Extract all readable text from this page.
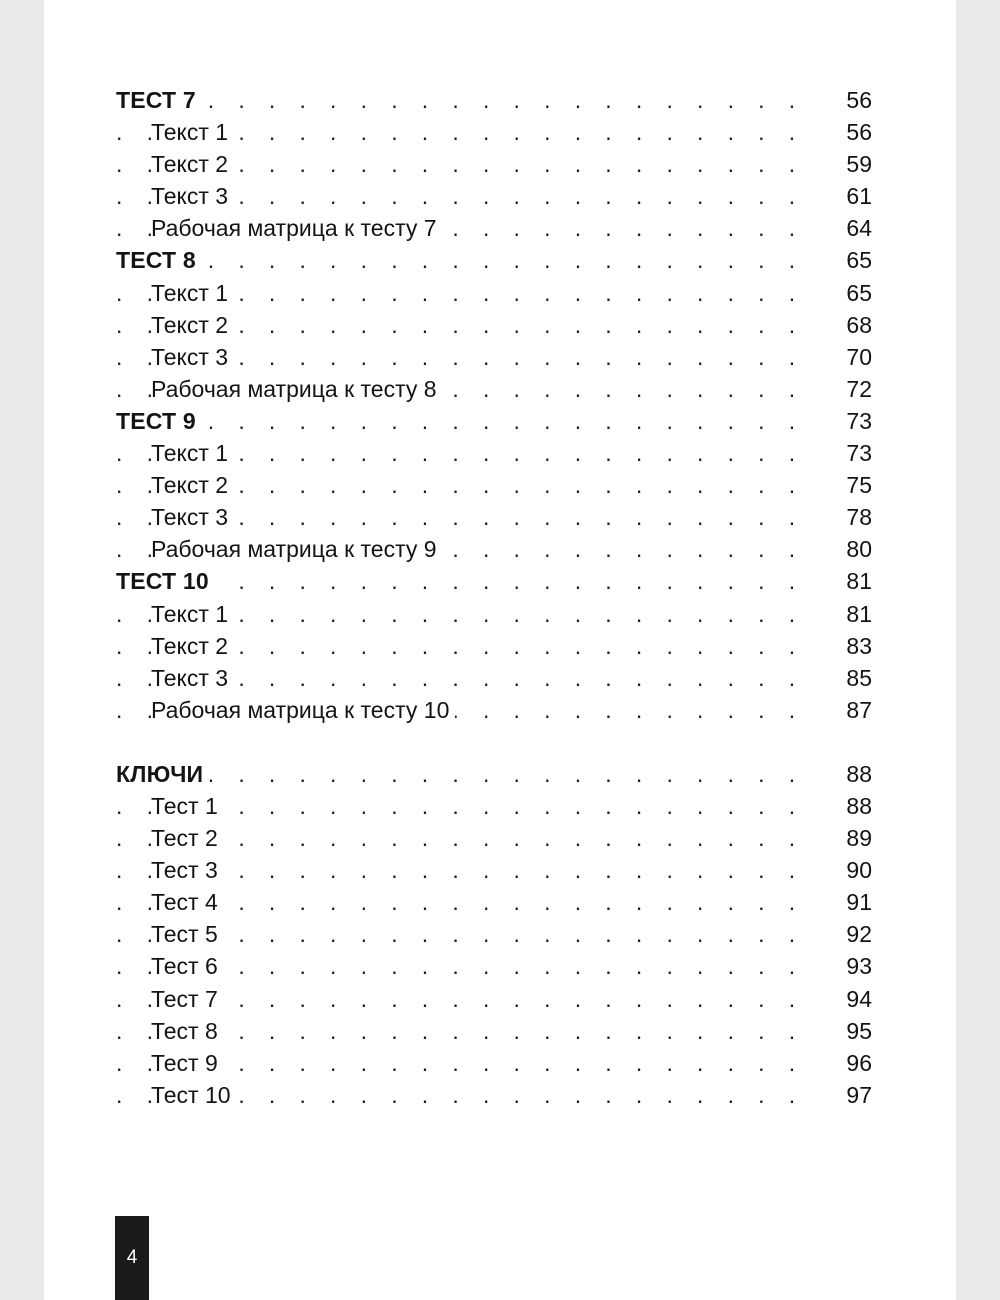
ТЕСТ 7 . . .	56
Текст 1 . . .	56
Текст 2 . . .	59
Текст 3 . . .	61
Рабочая матрица к тесту 7 . . .	64
ТЕСТ 8 . . .	65
Текст 1 . . .	65
Текст 2 . . .	68
Текст 3 . . .	70
Рабочая матрица к тесту 8 . . .	72
ТЕСТ 9 . . .	73
Текст 1 . . .	73
Текст 2 . . .	75
Текст 3 . . .	78
Рабочая матрица к тесту 9 . . .	80
ТЕСТ 10 . . .	81
Текст 1 . . .	81
Текст 2 . . .	83
Текст 3 . . .	85
Рабочая матрица к тесту 10 . . .	87
КЛЮЧИ . . .	88
Тест 1 . . .	88
Тест 2 . . .	89
Тест 3 . . .	90
Тест 4 . . .	91
Тест 5 . . .	92
Тест 6 . . .	93
Тест 7 . . .	94
Тест 8 . . .	95
Тест 9 . . .	96
Тест 10 . . .	97
4
